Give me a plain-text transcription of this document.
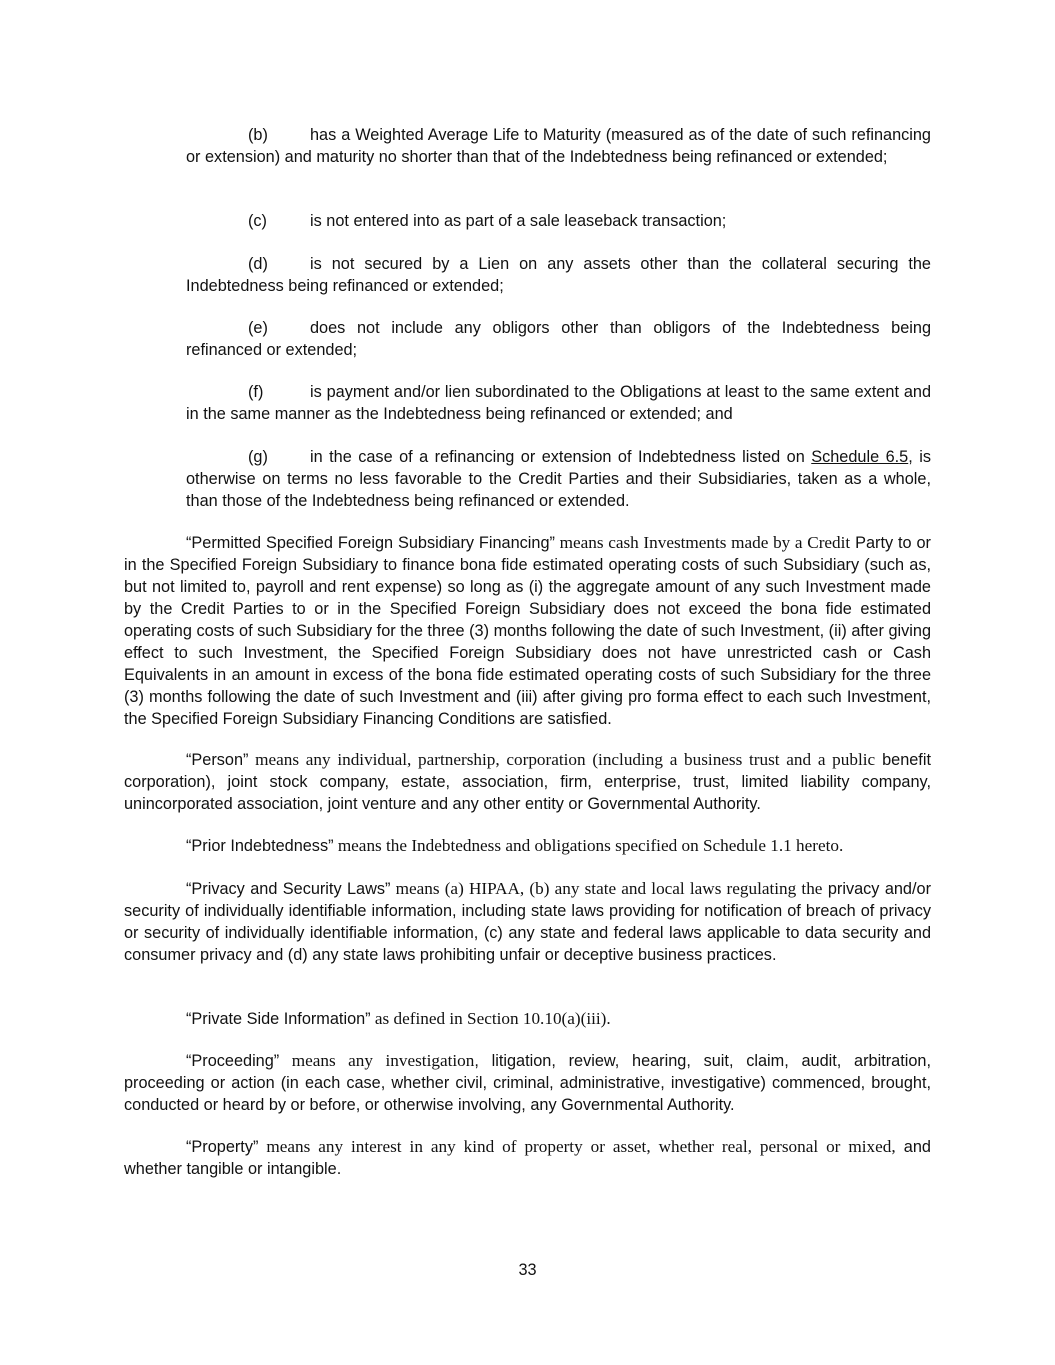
(b)	has a Weighted Average Life to Maturity (measured as of the date of such refinancing or extension) and maturity no shorter than that of the Indebtedness being refinanced or extended;

(c)	is not entered into as part of a sale leaseback transaction;

(d)	is not secured by a Lien on any assets other than the collateral securing the Indebtedness being refinanced or extended;

(e)	does not include any obligors other than obligors of the Indebtedness being refinanced or extended;

(f)	is payment and/or lien subordinated to the Obligations at least to the same extent and in the same manner as the Indebtedness being refinanced or extended; and

(g)	in the case of a refinancing or extension of Indebtedness listed on Schedule 6.5, is otherwise on terms no less favorable to the Credit Parties and their Subsidiaries, taken as a whole, than those of the Indebtedness being refinanced or extended.

“Permitted Specified Foreign Subsidiary Financing” means cash Investments made by a Credit Party to or in the Specified Foreign Subsidiary to finance bona fide estimated operating costs of such Subsidiary (such as, but not limited to, payroll and rent expense) so long as (i) the aggregate amount of any such Investment made by the Credit Parties to or in the Specified Foreign Subsidiary does not exceed the bona fide estimated operating costs of such Subsidiary for the three (3) months following the date of such Investment, (ii) after giving effect to such Investment, the Specified Foreign Subsidiary does not have unrestricted cash or Cash Equivalents in an amount in excess of the bona fide estimated operating costs of such Subsidiary for the three (3) months following the date of such Investment and (iii) after giving pro forma effect to each such Investment, the Specified Foreign Subsidiary Financing Conditions are satisfied.

“Person” means any individual, partnership, corporation (including a business trust and a public benefit corporation), joint stock company, estate, association, firm, enterprise, trust, limited liability company, unincorporated association, joint venture and any other entity or Governmental Authority.

“Prior Indebtedness” means the Indebtedness and obligations specified on Schedule 1.1 hereto.

“Privacy and Security Laws” means (a) HIPAA, (b) any state and local laws regulating the privacy and/or security of individually identifiable information, including state laws providing for notification of breach of privacy or security of individually identifiable information, (c) any state and federal laws applicable to data security and consumer privacy and (d) any state laws prohibiting unfair or deceptive business practices.

“Private Side Information” as defined in Section 10.10(a)(iii).

“Proceeding” means any investigation, litigation, review, hearing, suit, claim, audit, arbitration, proceeding or action (in each case, whether civil, criminal, administrative, investigative) commenced, brought, conducted or heard by or before, or otherwise involving, any Governmental Authority.

“Property” means any interest in any kind of property or asset, whether real, personal or mixed, and whether tangible or intangible.

33
